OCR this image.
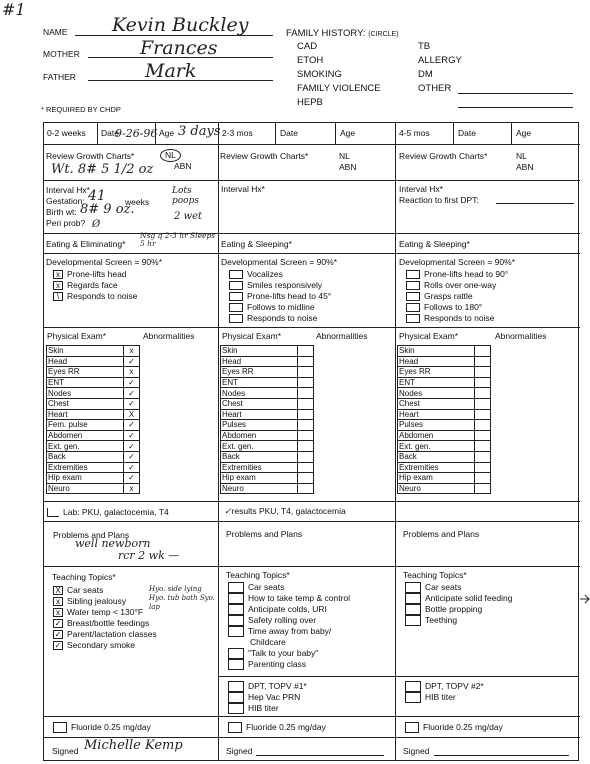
#1
NAME Kevin Buckley
MOTHER	Frances
FATHER	Mark
* REQUIRED BY CHDP
FAMILY HISTORY: (CIRCLE)
CAD
ETOH
SMOKING
FAMILY VIOLENCE
HEPB
TB
ALLERGY
DM
OTHER
0-2 weeks Date
9-26-96 Age 3 days
Review Growth Charts*	NL
ABN
Wt. 8# 5 1/2 oz
Interval Hx*
Gestation: 41 weeks
Lots poops
Birth wt: 8# 9 oz.	2 wet
Peri prob? Ø
Eating & Eliminating*
Nsg q 2-3 hr Sleeps 5 hr
Developmental Screen = 90%*
x Prone-lifts head
x Regards face
\ Responds to noise
Physical Exam*	Abnormalities
Skin	x
Head	✓
Eyes RR	x
ENT	✓
Nodes	✓
Chest	✓
Heart	X
Fem. pulse	✓
Abdomen	✓
Ext. gen.	✓
Back	✓
Extremities	✓
Hip exam	✓
Neuro	x
Lab: PKU, galactocemia, T4
Problems and Plans
well newborn
rcr 2 wk —
Teaching Topics*
X Car seats
x Sibling jealousy
x Water temp < 130°F
✓ Breast/bottle feedings
✓ Parent/lactation classes
✓ Secondary smoke
Hyo. side lying Hyo. tub bath Syo. lap
Fluoride 0.25 mg/day
Signed Michelle Kemp
2-3 mos	Date	Age
Review Growth Charts*	NL
ABN
Interval Hx*
Eating & Sleeping*
Developmental Screen = 90%*
Vocalizes
Smiles responsively
Prone-lifts head to 45°
Follows to midline
Responds to noise
Physical Exam*	Abnormalities
Skin	
Head	
Eyes RR	
ENT	
Nodes	
Chest	
Heart	
Pulses	
Abdomen	
Ext. gen.	
Back	
Extremities	
Hip exam	
Neuro	
✓results PKU, T4, galactocemia
Problems and Plans
Teaching Topics*
Car seats
How to take temp & control
Anticipate colds, URI
Safety rolling over
Time away from baby/
Childcare
"Talk to your baby"
Parenting class
DPT, TOPV #1*
Hep Vac PRN
HIB titer
Fluoride 0.25 mg/day
Signed
4-5 mos	Date	Age
Review Growth Charts*	NL
ABN
Interval Hx*
Reaction to first DPT:
Eating & Sleeping*
Developmental Screen = 90%*
Prone-lifts head to 90°
Rolls over one-way
Grasps rattle
Follows to 180°
Responds to noise
Physical Exam*	Abnormalities
Skin	
Head	
Eyes RR	
ENT	
Nodes	
Chest	
Heart	
Pulses	
Abdomen	
Ext. gen.	
Back	
Extremities	
Hip exam	
Neuro	
Problems and Plans
Teaching Topics*
Car seats
Anticipate solid feeding
Bottle propping
Teething
DPT, TOPV #2*
HIB titer
Fluoride 0.25 mg/day
Signed
